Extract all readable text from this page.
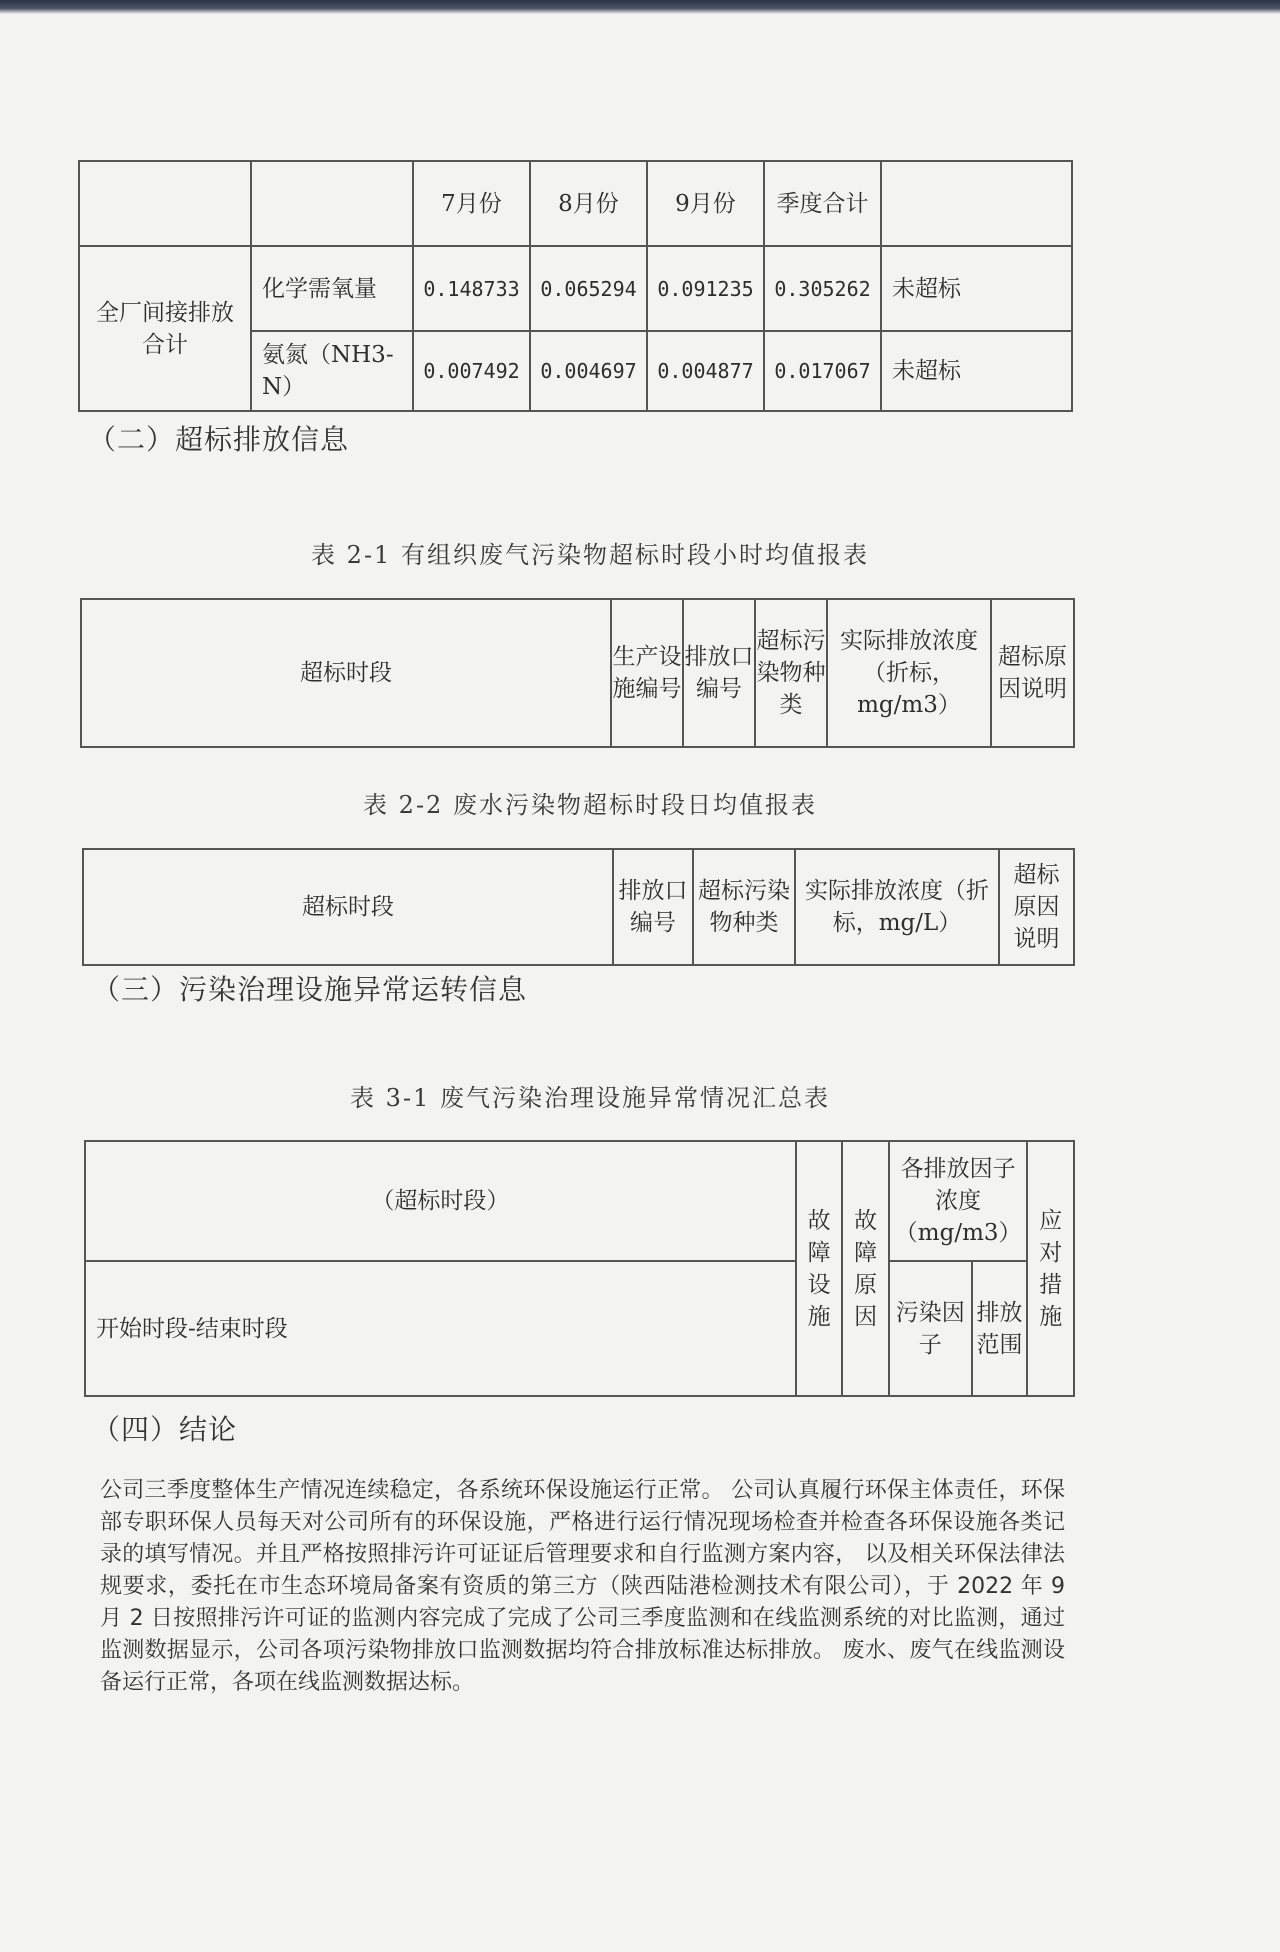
		7月份	8月份	9月份	季度合计	
全厂间接排放合计	化学需氧量	0.148733	0.065294	0.091235	0.305262	未超标
	氨氮（NH3-N）	0.007492	0.004697	0.004877	0.017067	未超标
（二）超标排放信息
表 2-1 有组织废气污染物超标时段小时均值报表
超标时段	生产设施编号	排放口编号	超标污染物种类	实际排放浓度（折标，mg/m3）	超标原因说明
表 2-2 废水污染物超标时段日均值报表
超标时段	排放口编号	超标污染物种类	实际排放浓度（折标，mg/L）	超标原因说明
（三）污染治理设施异常运转信息
表 3-1 废气污染治理设施异常情况汇总表
（超标时段）	故障设施	故障原因	各排放因子浓度（mg/m3）		应对措施
开始时段-结束时段			污染因子	排放范围	

（四）结论
公司三季度整体生产情况连续稳定，各系统环保设施运行正常。 公司认真履行环保主体责任，环保部专职环保人员每天对公司所有的环保设施，严格进行运行情况现场检查并检查各环保设施各类记录的填写情况。并且严格按照排污许可证证后管理要求和自行监测方案内容， 以及相关环保法律法规要求，委托在市生态环境局备案有资质的第三方（陕西陆港检测技术有限公司），于 2022 年 9 月 2 日按照排污许可证的监测内容完成了完成了公司三季度监测和在线监测系统的对比监测，通过监测数据显示，公司各项污染物排放口监测数据均符合排放标准达标排放。 废水、废气在线监测设备运行正常，各项在线监测数据达标。
